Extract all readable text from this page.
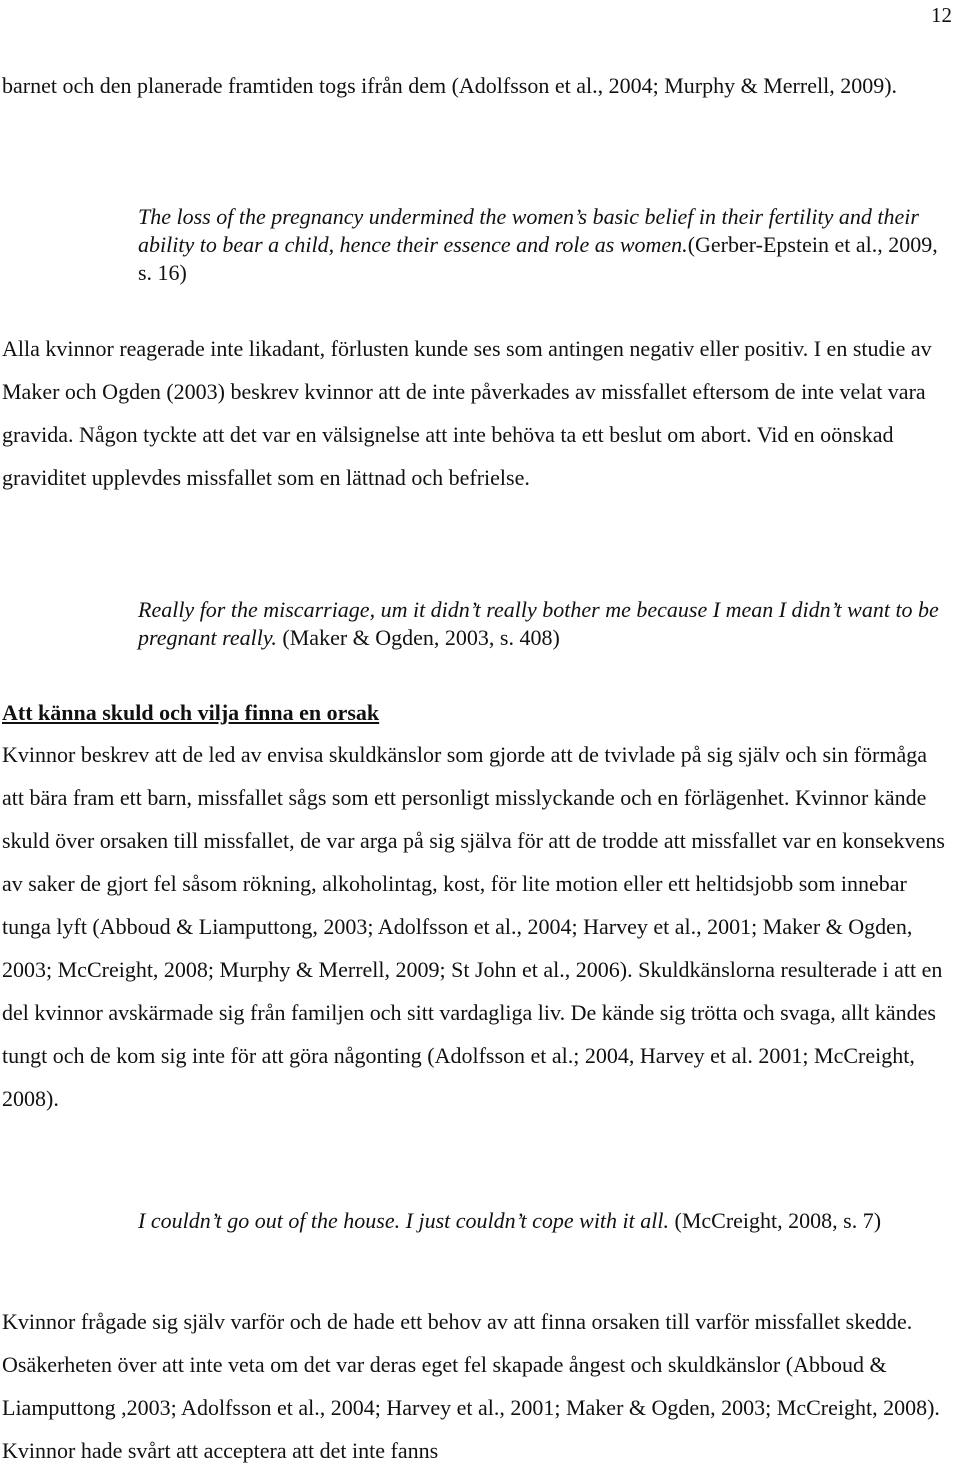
12

barnet och den planerade framtiden togs ifrån dem (Adolfsson et al., 2004; Murphy & Merrell, 2009).

The loss of the pregnancy undermined the women’s basic belief in their fertility and their ability to bear a child, hence their essence and role as women.(Gerber-Epstein et al., 2009, s. 16)

Alla kvinnor reagerade inte likadant, förlusten kunde ses som antingen negativ eller positiv. I en studie av Maker och Ogden (2003) beskrev kvinnor att de inte påverkades av missfallet eftersom de inte velat vara gravida. Någon tyckte att det var en välsignelse att inte behöva ta ett beslut om abort. Vid en oönskad graviditet upplevdes missfallet som en lättnad och befrielse.

Really for the miscarriage, um it didn’t really bother me because I mean I didn’t want to be pregnant really. (Maker & Ogden, 2003, s. 408)

Att känna skuld och vilja finna en orsak

Kvinnor beskrev att de led av envisa skuldkänslor som gjorde att de tvivlade på sig själv och sin förmåga att bära fram ett barn, missfallet sågs som ett personligt misslyckande och en förlägenhet. Kvinnor kände skuld över orsaken till missfallet, de var arga på sig själva för att de trodde att missfallet var en konsekvens av saker de gjort fel såsom rökning, alkoholintag, kost, för lite motion eller ett heltidsjobb som innebar tunga lyft (Abboud & Liamputtong, 2003; Adolfsson et al., 2004; Harvey et al., 2001; Maker & Ogden, 2003; McCreight, 2008; Murphy & Merrell, 2009; St John et al., 2006). Skuldkänslorna resulterade i att en del kvinnor avskärmade sig från familjen och sitt vardagliga liv. De kände sig trötta och svaga, allt kändes tungt och de kom sig inte för att göra någonting (Adolfsson et al.; 2004, Harvey et al. 2001; McCreight, 2008).

I couldn’t go out of the house. I just couldn’t cope with it all. (McCreight, 2008, s. 7)

Kvinnor frågade sig själv varför och de hade ett behov av att finna orsaken till varför missfallet skedde. Osäkerheten över att inte veta om det var deras eget fel skapade ångest och skuldkänslor (Abboud & Liamputtong ,2003; Adolfsson et al., 2004; Harvey et al., 2001; Maker & Ogden, 2003; McCreight, 2008). Kvinnor hade svårt att acceptera att det inte fanns
